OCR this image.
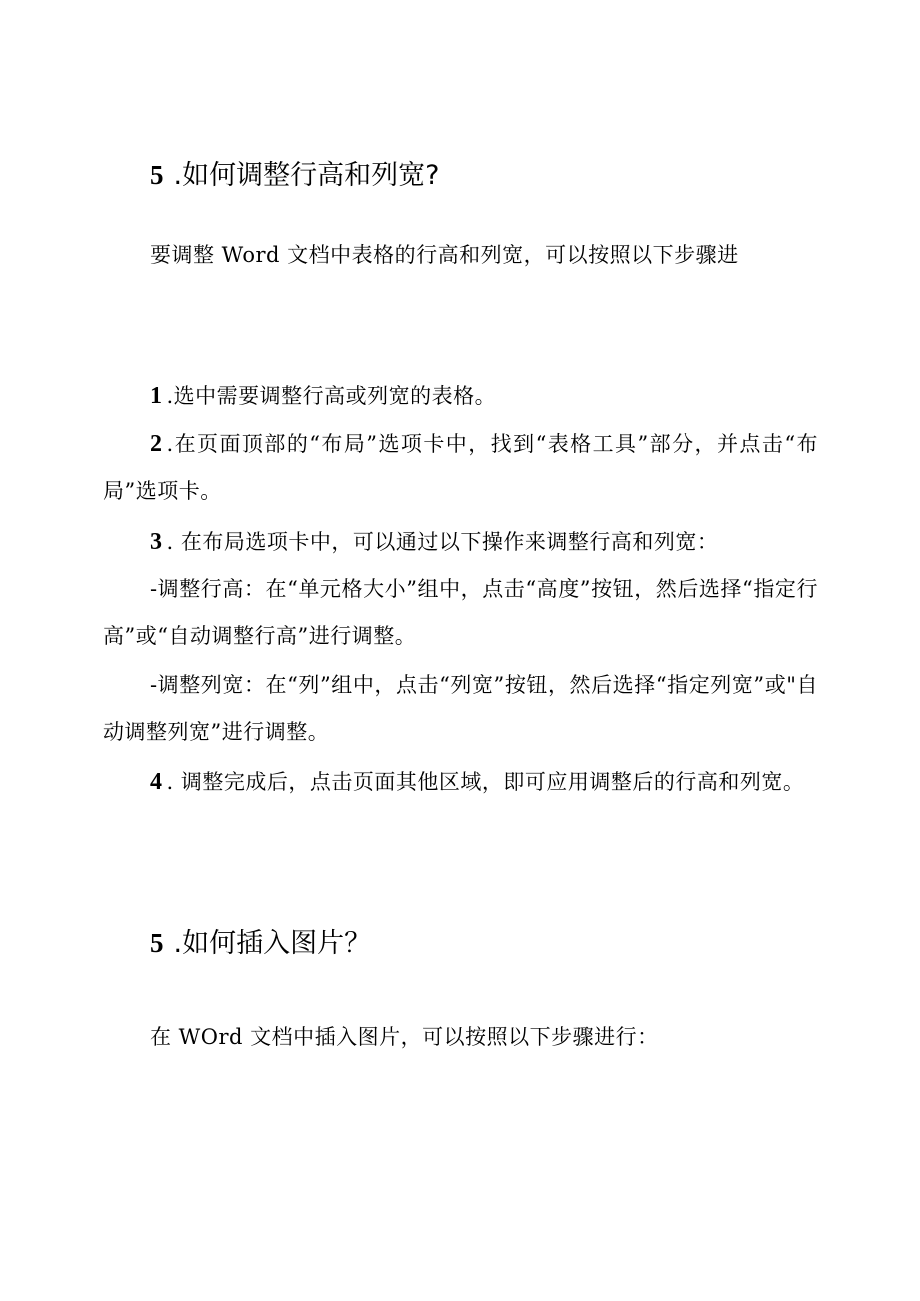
5 .如何调整行高和列宽?

要调整 Word 文档中表格的行高和列宽，可以按照以下步骤进

1 .选中需要调整行高或列宽的表格。

2 .在页面顶部的“布局”选项卡中，找到“表格工具”部分，并点击“布局”选项卡。

3 . 在布局选项卡中，可以通过以下操作来调整行高和列宽：

-调整行高：在“单元格大小”组中，点击“高度”按钮，然后选择“指定行高”或“自动调整行高”进行调整。

-调整列宽：在“列”组中，点击“列宽”按钮，然后选择“指定列宽”或"自动调整列宽”进行调整。

4 . 调整完成后，点击页面其他区域，即可应用调整后的行高和列宽。

5 .如何插入图片？

在 WOrd 文档中插入图片，可以按照以下步骤进行：
